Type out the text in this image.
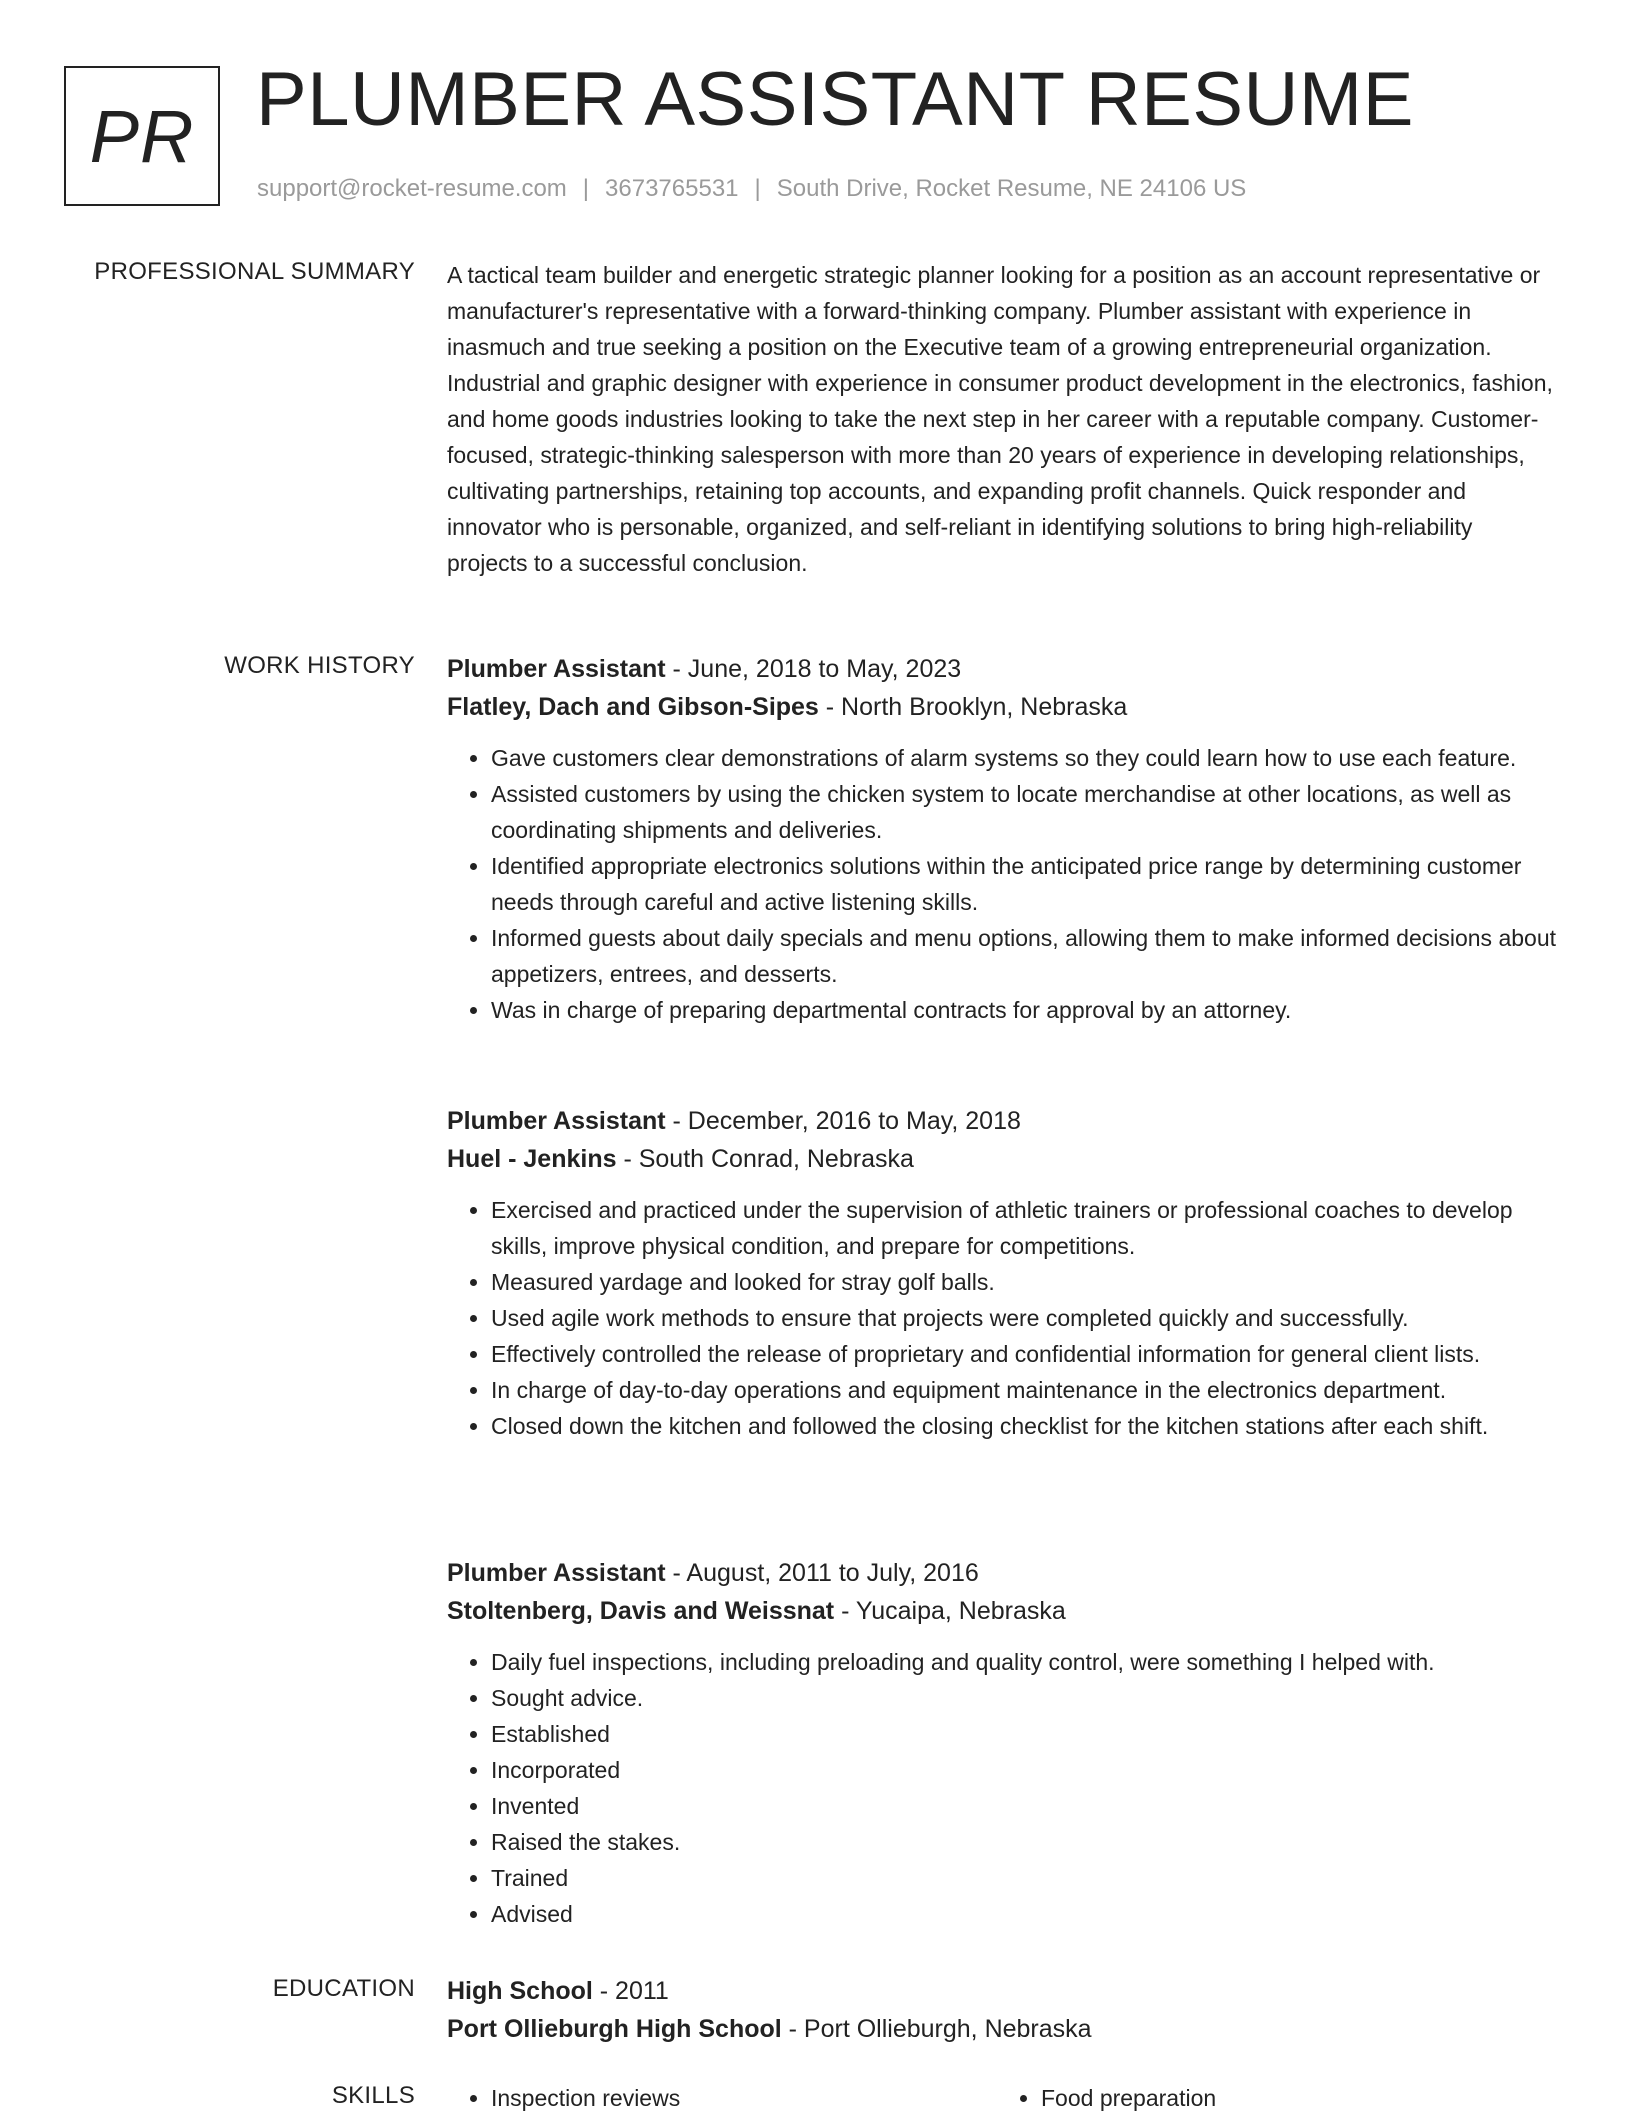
PR PLUMBER ASSISTANT RESUME
support@rocket-resume.com | 3673765531 | South Drive, Rocket Resume, NE 24106 US
PROFESSIONAL SUMMARY A tactical team builder and energetic strategic planner looking for a position as an account representative or manufacturer's representative with a forward-thinking company. Plumber assistant with experience in inasmuch and true seeking a position on the Executive team of a growing entrepreneurial organization. Industrial and graphic designer with experience in consumer product development in the electronics, fashion, and home goods industries looking to take the next step in her career with a reputable company. Customer-focused, strategic-thinking salesperson with more than 20 years of experience in developing relationships, cultivating partnerships, retaining top accounts, and expanding profit channels. Quick responder and innovator who is personable, organized, and self-reliant in identifying solutions to bring high-reliability projects to a successful conclusion.

WORK HISTORY Plumber Assistant - June, 2018 to May, 2023

Flatley, Dach and Gibson-Sipes - North Brooklyn, Nebraska

• Gave customers clear demonstrations of alarm systems so they could learn how to use each feature.
• Assisted customers by using the chicken system to locate merchandise at other locations, as well as coordinating shipments and deliveries.
• Identified appropriate electronics solutions within the anticipated price range by determining customer needs through careful and active listening skills.
• Informed guests about daily specials and menu options, allowing them to make informed decisions about appetizers, entrees, and desserts.
• Was in charge of preparing departmental contracts for approval by an attorney.

Plumber Assistant - December, 2016 to May, 2018

Huel - Jenkins - South Conrad, Nebraska

• Exercised and practiced under the supervision of athletic trainers or professional coaches to develop skills, improve physical condition, and prepare for competitions.
• Measured yardage and looked for stray golf balls.
• Used agile work methods to ensure that projects were completed quickly and successfully.
• Effectively controlled the release of proprietary and confidential information for general client lists.
• In charge of day-to-day operations and equipment maintenance in the electronics department.
• Closed down the kitchen and followed the closing checklist for the kitchen stations after each shift.

Plumber Assistant - August, 2011 to July, 2016

Stoltenberg, Davis and Weissnat - Yucaipa, Nebraska

• Daily fuel inspections, including preloading and quality control, were something I helped with.
• Sought advice.
• Established
• Incorporated
• Invented
• Raised the stakes.
• Trained
• Advised
EDUCATION High School - 2011

Port Ollieburgh High School - Port Ollieburgh, Nebraska

SKILLS	• Inspection reviews	• Food preparation
